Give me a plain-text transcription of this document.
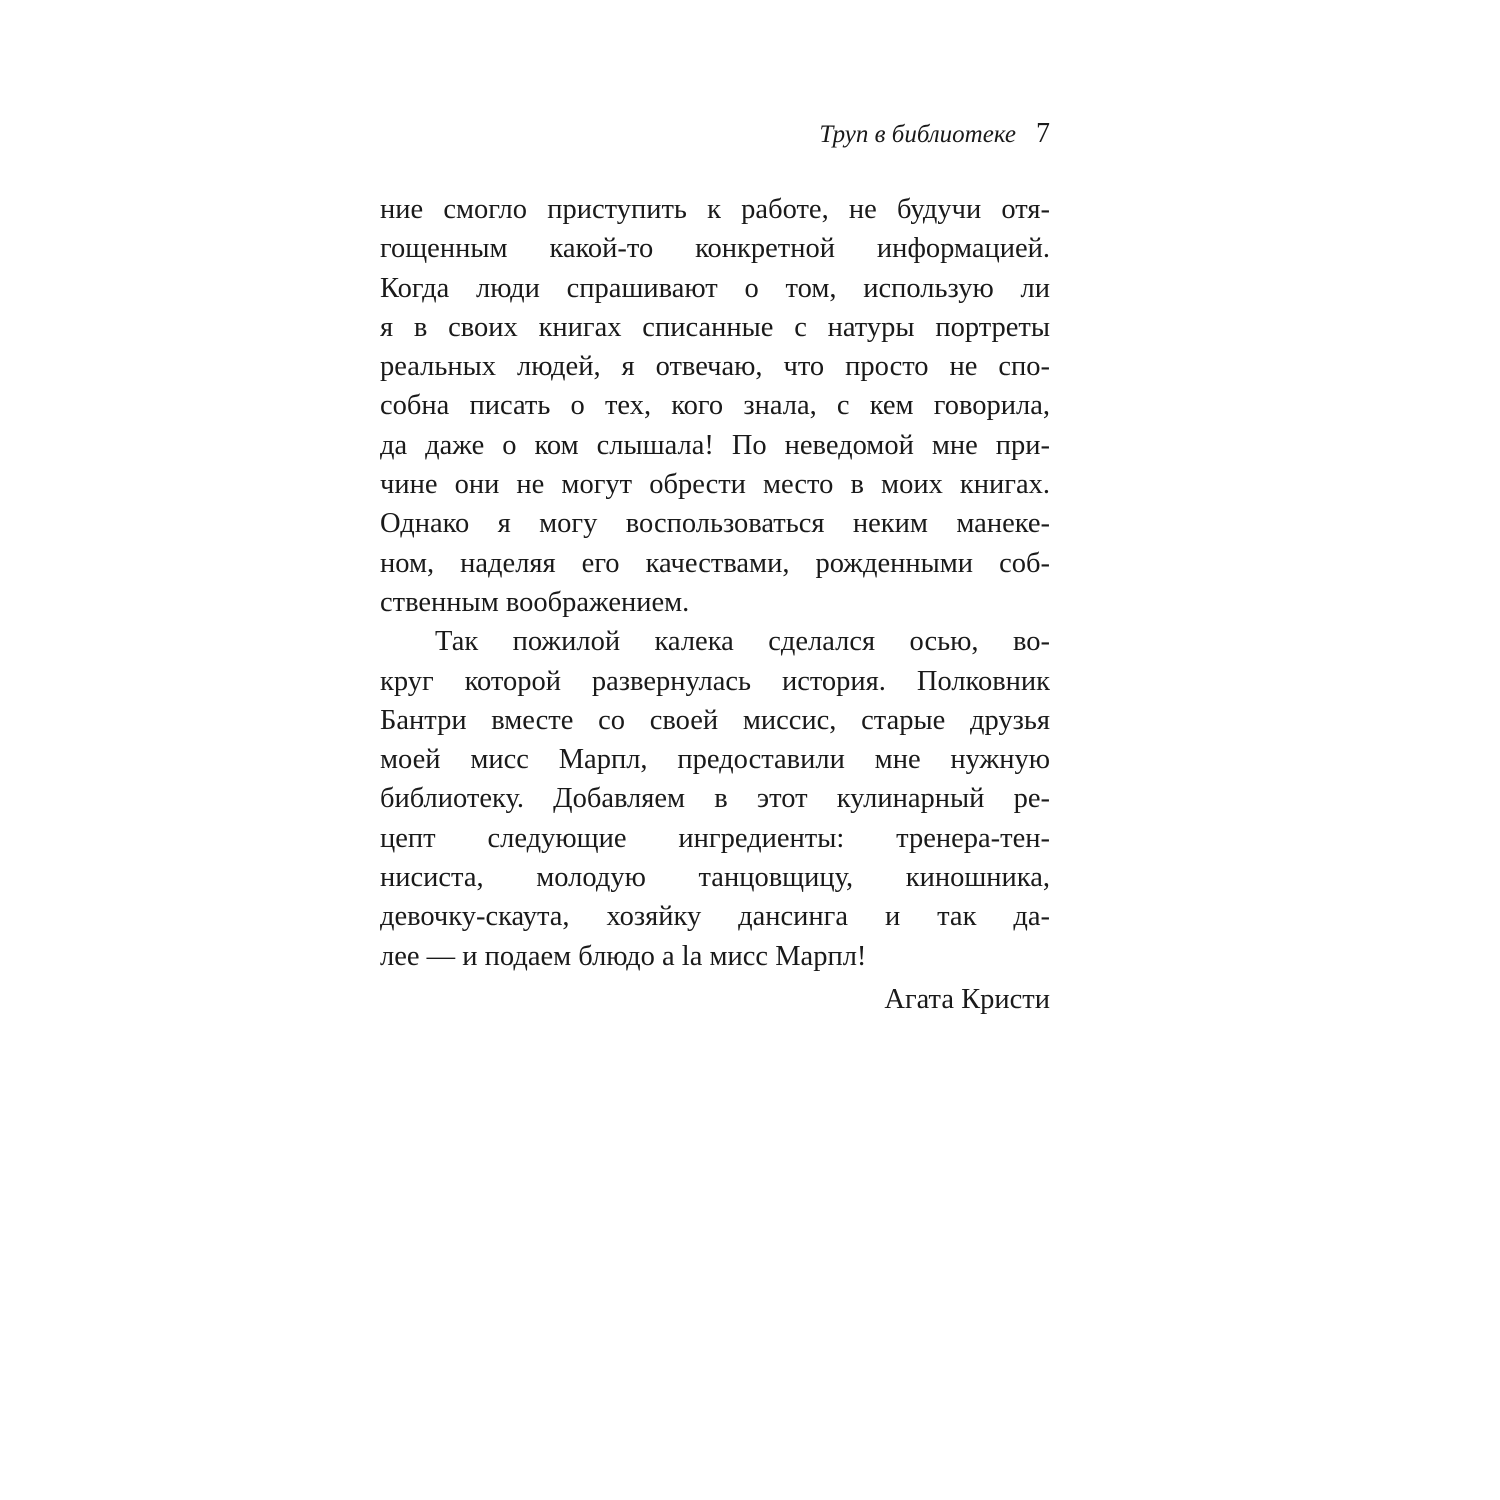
Труп в библиотеке 7
ние смогло приступить к работе, не будучи отя-
гощенным какой-то конкретной информацией.
Когда люди спрашивают о том, использую ли
я в своих книгах списанные с натуры портреты
реальных людей, я отвечаю, что просто не спо-
собна писать о тех, кого знала, с кем говорила,
да даже о ком слышала! По неведомой мне при-
чине они не могут обрести место в моих книгах.
Однако я могу воспользоваться неким манеке-
ном, наделяя его качествами, рожденными соб-
ственным воображением.
Так пожилой калека сделался осью, во-
круг которой развернулась история. Полковник
Бантри вместе со своей миссис, старые друзья
моей мисс Марпл, предоставили мне нужную
библиотеку. Добавляем в этот кулинарный ре-
цепт следующие ингредиенты: тренера-тен-
нисиста, молодую танцовщицу, киношника,
девочку-скаута, хозяйку дансинга и так да-
лее — и подаем блюдо a la мисс Марпл!
Агата Кристи
